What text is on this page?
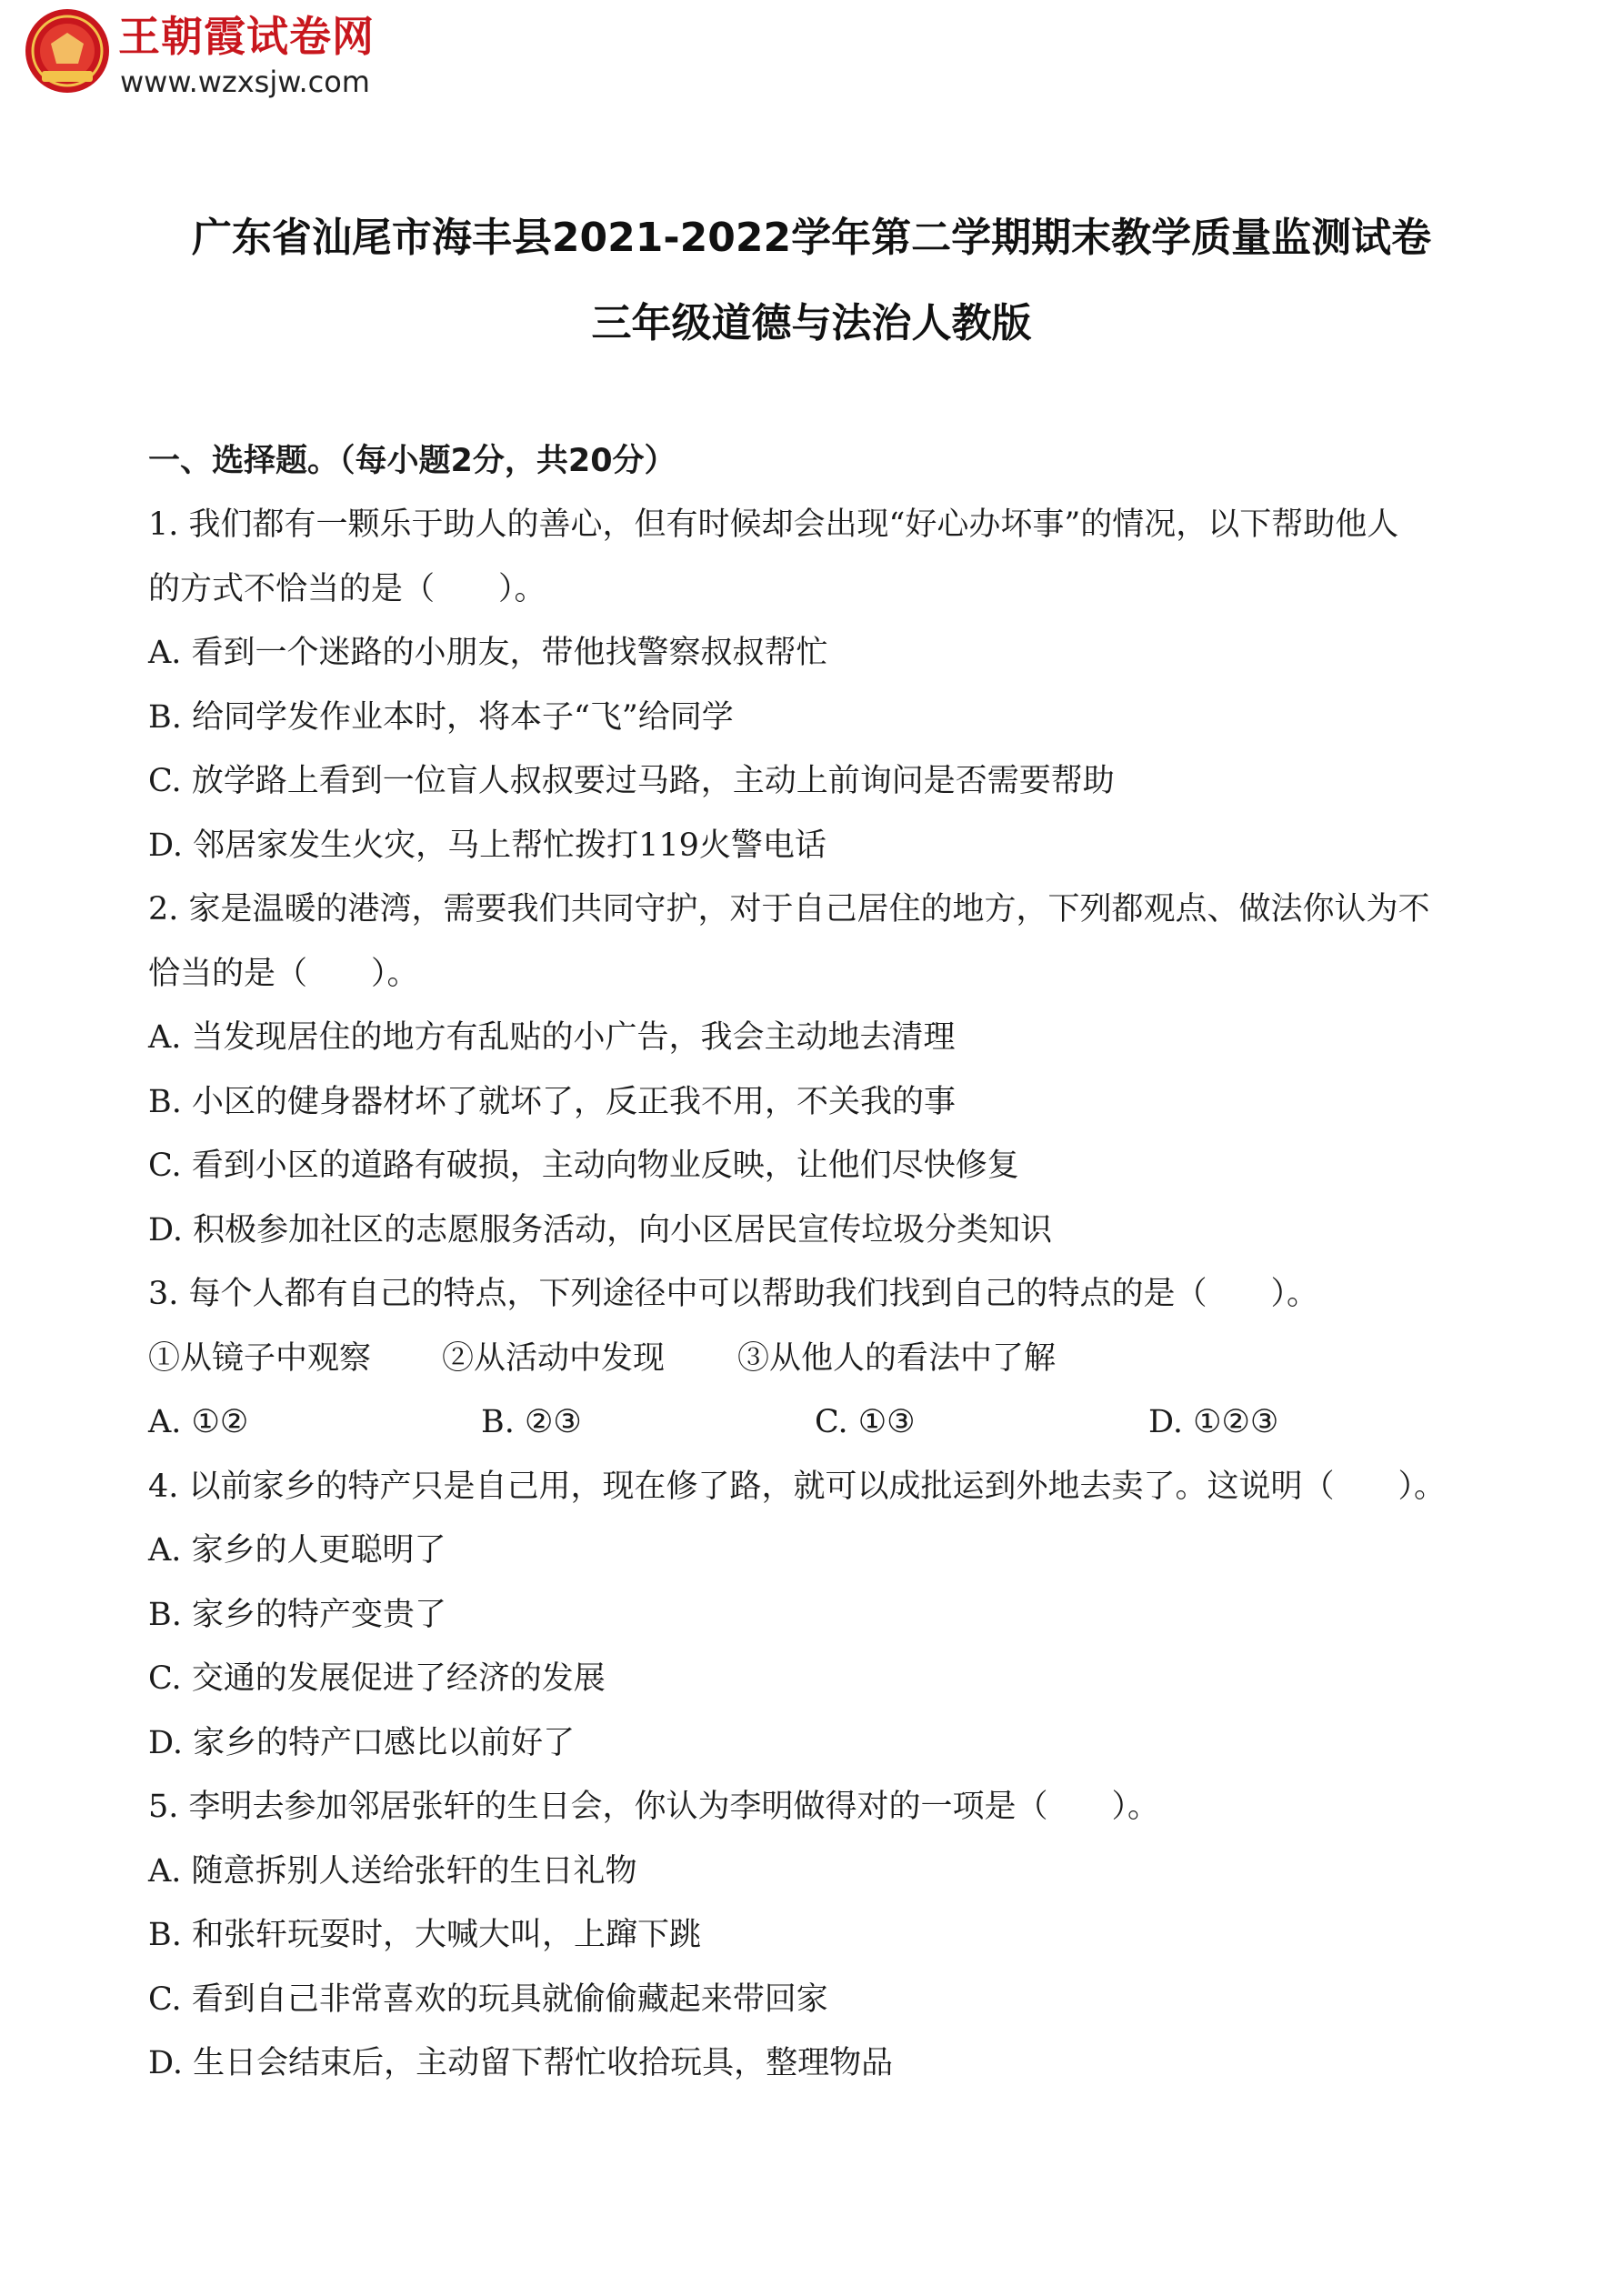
王朝霞试卷网
www.wzxsjw.com
广东省汕尾市海丰县2021-2022学年第二学期期末教学质量监测试卷
三年级道德与法治人教版
一、选择题。（每小题2分，共20分）
1. 我们都有一颗乐于助人的善心，但有时候却会出现“好心办坏事”的情况，以下帮助他人
的方式不恰当的是（　　）。
A. 看到一个迷路的小朋友，带他找警察叔叔帮忙
B. 给同学发作业本时，将本子“飞”给同学
C. 放学路上看到一位盲人叔叔要过马路，主动上前询问是否需要帮助
D. 邻居家发生火灾，马上帮忙拨打119火警电话
2. 家是温暖的港湾，需要我们共同守护，对于自己居住的地方，下列都观点、做法你认为不
恰当的是（　　）。
A. 当发现居住的地方有乱贴的小广告，我会主动地去清理
B. 小区的健身器材坏了就坏了，反正我不用，不关我的事
C. 看到小区的道路有破损，主动向物业反映，让他们尽快修复
D. 积极参加社区的志愿服务活动，向小区居民宣传垃圾分类知识
3. 每个人都有自己的特点，下列途径中可以帮助我们找到自己的特点的是（　　）。
①从镜子中观察 ②从活动中发现 ③从他人的看法中了解
A. ①②	B. ②③	C. ①③	D. ①②③
4. 以前家乡的特产只是自己用，现在修了路，就可以成批运到外地去卖了。这说明（　　）。
A. 家乡的人更聪明了
B. 家乡的特产变贵了
C. 交通的发展促进了经济的发展
D. 家乡的特产口感比以前好了
5. 李明去参加邻居张轩的生日会，你认为李明做得对的一项是（　　）。
A. 随意拆别人送给张轩的生日礼物
B. 和张轩玩耍时，大喊大叫，上蹿下跳
C. 看到自己非常喜欢的玩具就偷偷藏起来带回家
D. 生日会结束后，主动留下帮忙收拾玩具，整理物品
